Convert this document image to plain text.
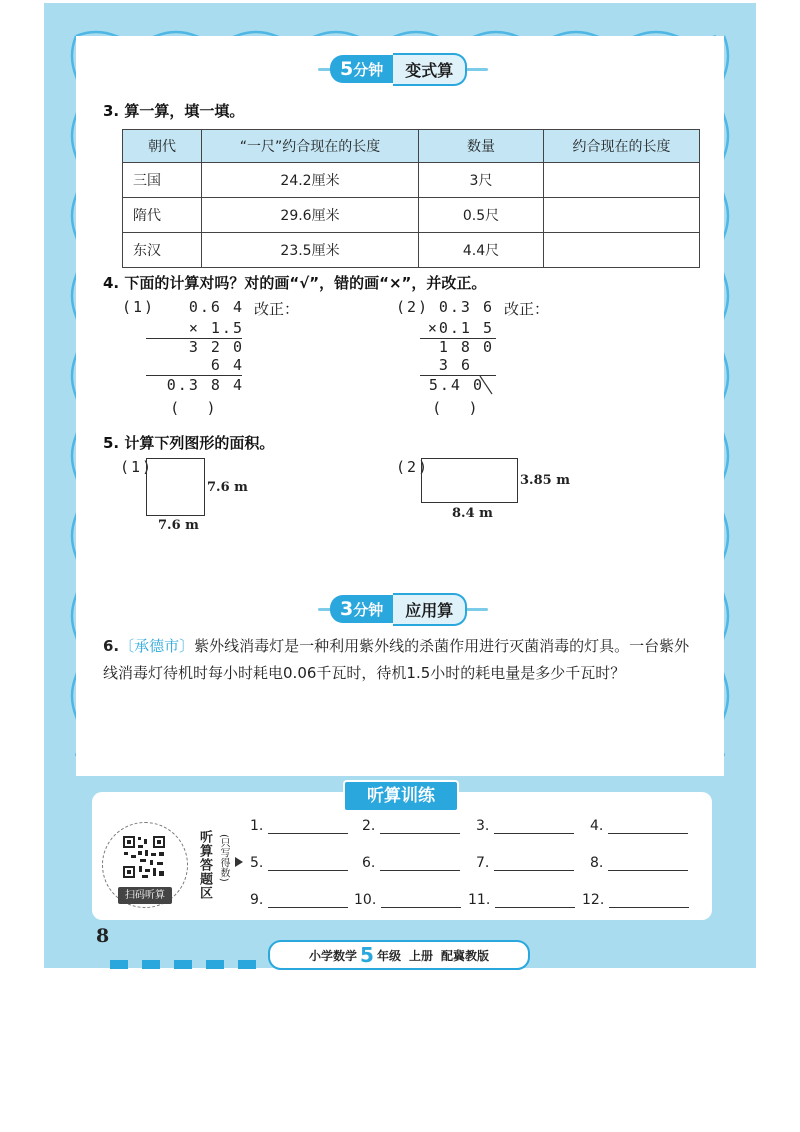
5分钟	变式算
3. 算一算，填一填。
朝代	“一尺”约合现在的长度	数量	约合现在的长度
三国	24.2厘米	3尺	
隋代	29.6厘米	0.5尺	
东汉	23.5厘米	4.4尺	
4. 下面的计算对吗？对的画“√”，错的画“×”，并改正。
(1) 0.6 4
× 1.5
3 2 0
6 4
0.3 8 4
(　　)
改正：	(2) 0.3 6
×0.1 5
1 8 0
3 6
5.4 0
(　　)
改正：
5. 计算下列图形的面积。
(1)
7.6 m
7.6 m
(2)
3.85 m
8.4 m
3分钟	应用算
6.〔承德市〕紫外线消毒灯是一种利用紫外线的杀菌作用进行灭菌消毒的灯具。一台紫外线消毒灯待机时每小时耗电0.06千瓦时，待机1.5小时的耗电量是多少千瓦时？
听算训练
扫码听算	听算答题区 (只写得数)
1.	2.	3.	4.
5.	6.	7.	8.
9.	10.	11.	12.
8
小学数学 5 年级 上册 配冀教版
